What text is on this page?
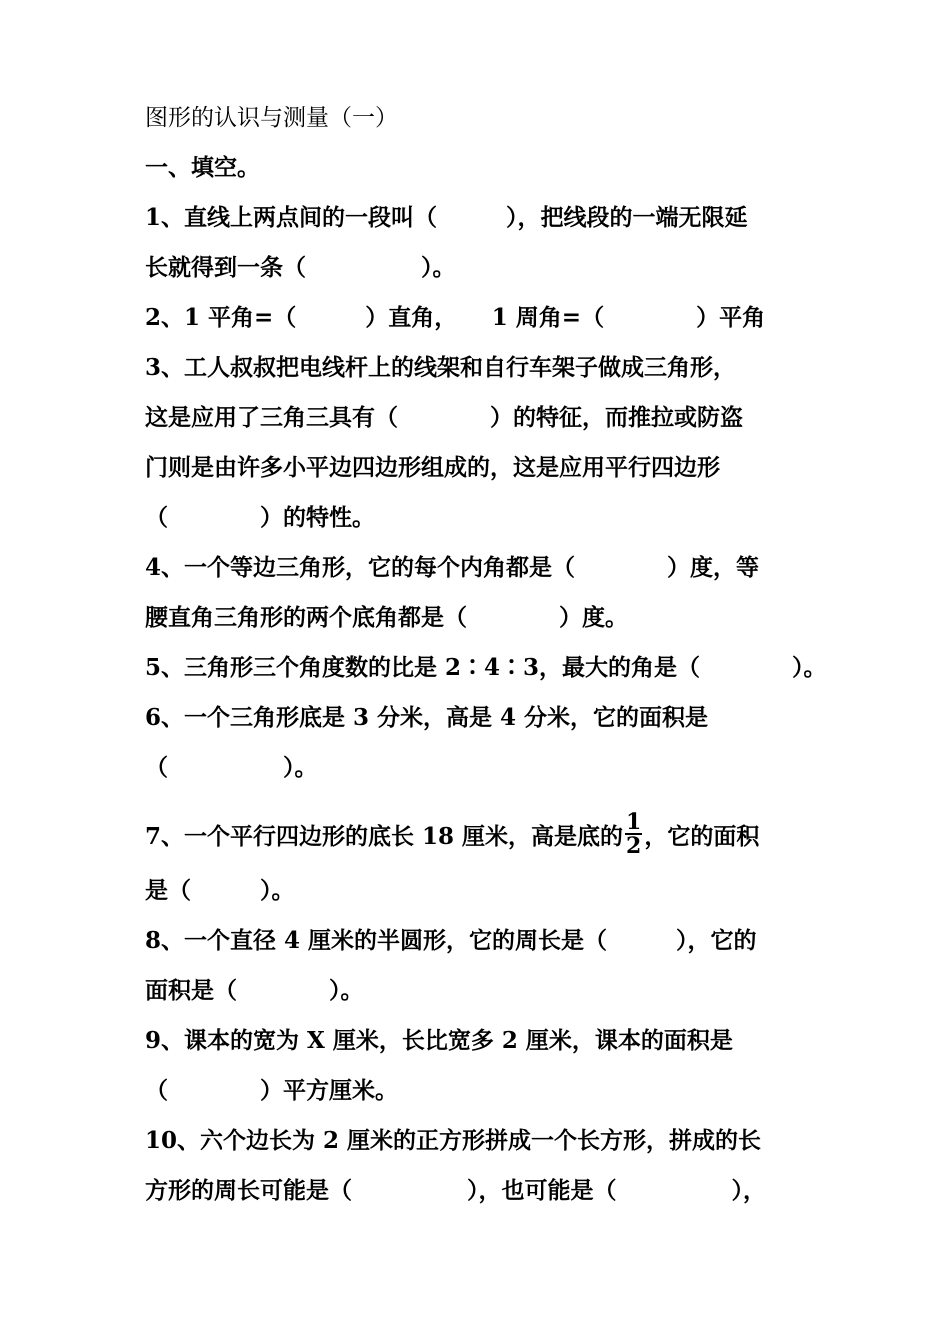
图形的认识与测量（一）
一、填空。
1、直线上两点间的一段叫（　　　），把线段的一端无限延
长就得到一条（　　　　　）。
2、1 平角=（　　　）直角，　　1 周角=（　　　　）平角
3、工人叔叔把电线杆上的线架和自行车架子做成三角形，
这是应用了三角三具有（　　　　）的特征，而推拉或防盗
门则是由许多小平边四边形组成的，这是应用平行四边形
（　　　　）的特性。
4、一个等边三角形，它的每个内角都是（　　　　）度，等
腰直角三角形的两个底角都是（　　　　）度。
5、三角形三个角度数的比是 2∶4∶3，最大的角是（　　　　）。
6、一个三角形底是 3 分米，高是 4 分米，它的面积是
（　　　　　）。
7、一个平行四边形的底长 18 厘米，高是底的 $\frac{1}{2}$ ，它的面积
是（　　　）。
8、一个直径 4 厘米的半圆形，它的周长是（　　　），它的
面积是（　　　　）。
9、课本的宽为 X 厘米，长比宽多 2 厘米，课本的面积是
（　　　　）平方厘米。
10、六个边长为 2 厘米的正方形拼成一个长方形，拼成的长
方形的周长可能是（　　　　　），也可能是（　　　　　），
